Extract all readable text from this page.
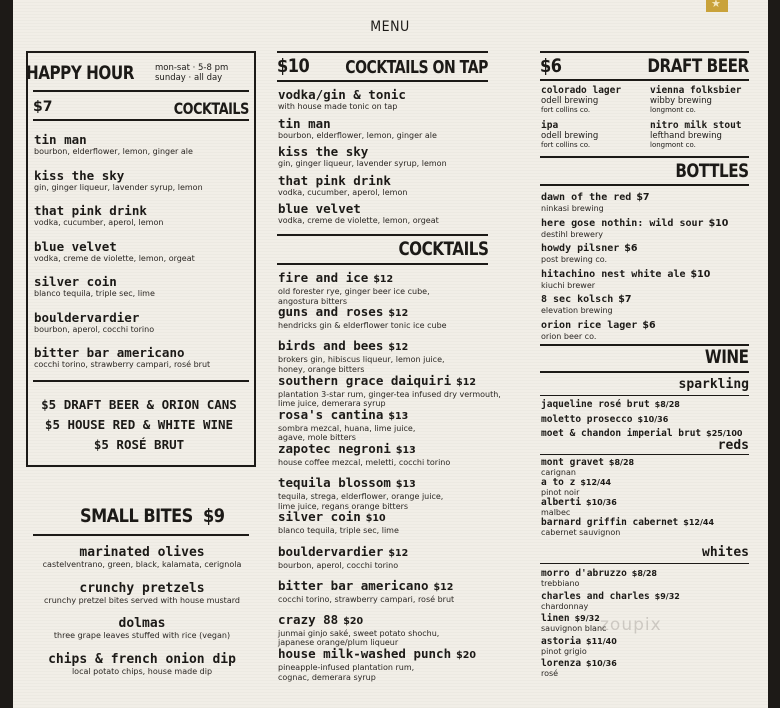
★
MENU
HAPPY HOUR mon-sat · 5-8 pm
sunday · all day
$7	COCKTAILS
tin man
bourbon, elderflower, lemon, ginger ale
kiss the sky
gin, ginger liqueur, lavender syrup, lemon
that pink drink
vodka, cucumber, aperol, lemon
blue velvet
vodka, creme de violette, lemon, orgeat
silver coin
blanco tequila, triple sec, lime
bouldervardier
bourbon, aperol, cocchi torino
bitter bar americano
cocchi torino, strawberry campari, rosé brut
$5 DRAFT BEER & ORION CANS
$5 HOUSE RED & WHITE WINE
$5 ROSÉ BRUT
SMALL BITES $9
marinated olives
castelventrano, green, black, kalamata, cerignola
crunchy pretzels
crunchy pretzel bites served with house mustard
dolmas
three grape leaves stuffed with rice (vegan)
chips & french onion dip
local potato chips, house made dip
$10 COCKTAILS ON TAP
vodka/gin & tonic
with house made tonic on tap
tin man
bourbon, elderflower, lemon, ginger ale
kiss the sky
gin, ginger liqueur, lavender syrup, lemon
that pink drink
vodka, cucumber, aperol, lemon
blue velvet
vodka, creme de violette, lemon, orgeat
COCKTAILS
fire and ice $12
old forester rye, ginger beer ice cube,
angostura bitters
guns and roses $12
hendricks gin & elderflower tonic ice cube
birds and bees $12
brokers gin, hibiscus liqueur, lemon juice,
honey, orange bitters
southern grace daiquiri $12
plantation 3-star rum, ginger-tea infused dry vermouth,
lime juice, demerara syrup
rosa's cantina $13
sombra mezcal, huana, lime juice,
agave, mole bitters
zapotec negroni $13
house coffee mezcal, meletti, cocchi torino
tequila blossom $13
tequila, strega, elderflower, orange juice,
lime juice, regans orange bitters
silver coin $10
blanco tequila, triple sec, lime
bouldervardier $12
bourbon, aperol, cocchi torino
bitter bar americano $12
cocchi torino, strawberry campari, rosé brut
crazy 88 $20
junmai ginjo saké, sweet potato shochu,
japanese orange/plum liqueur
house milk-washed punch $20
pineapple-infused plantation rum,
cognac, demerara syrup
$6	DRAFT BEER
colorado lager
odell brewing
fort collins co.
vienna folksbier
wibby brewing
longmont co.
ipa
odell brewing
fort collins co.
nitro milk stout
lefthand brewing
longmont co.
BOTTLES
dawn of the red $7
ninkasi brewing
here gose nothin: wild sour $10
destihl brewery
howdy pilsner $6
post brewing co.
hitachino nest white ale $10
kiuchi brewer
8 sec kolsch $7
elevation brewing
orion rice lager $6
orion beer co.
WINE
sparkling
jaqueline rosé brut $8/28
moletto prosecco $10/36
moet & chandon imperial brut $25/100
reds
mont gravet $8/28
carignan
a to z $12/44
pinot noir
alberti $10/36
malbec
barnard griffin cabernet $12/44
cabernet sauvignon
whites
morro d'abruzzo $8/28
trebbiano
charles and charles $9/32
chardonnay
linen $9/32
sauvignon blanc
astoria $11/40
pinot grigio
lorenza $10/36
rosé
zoupix
